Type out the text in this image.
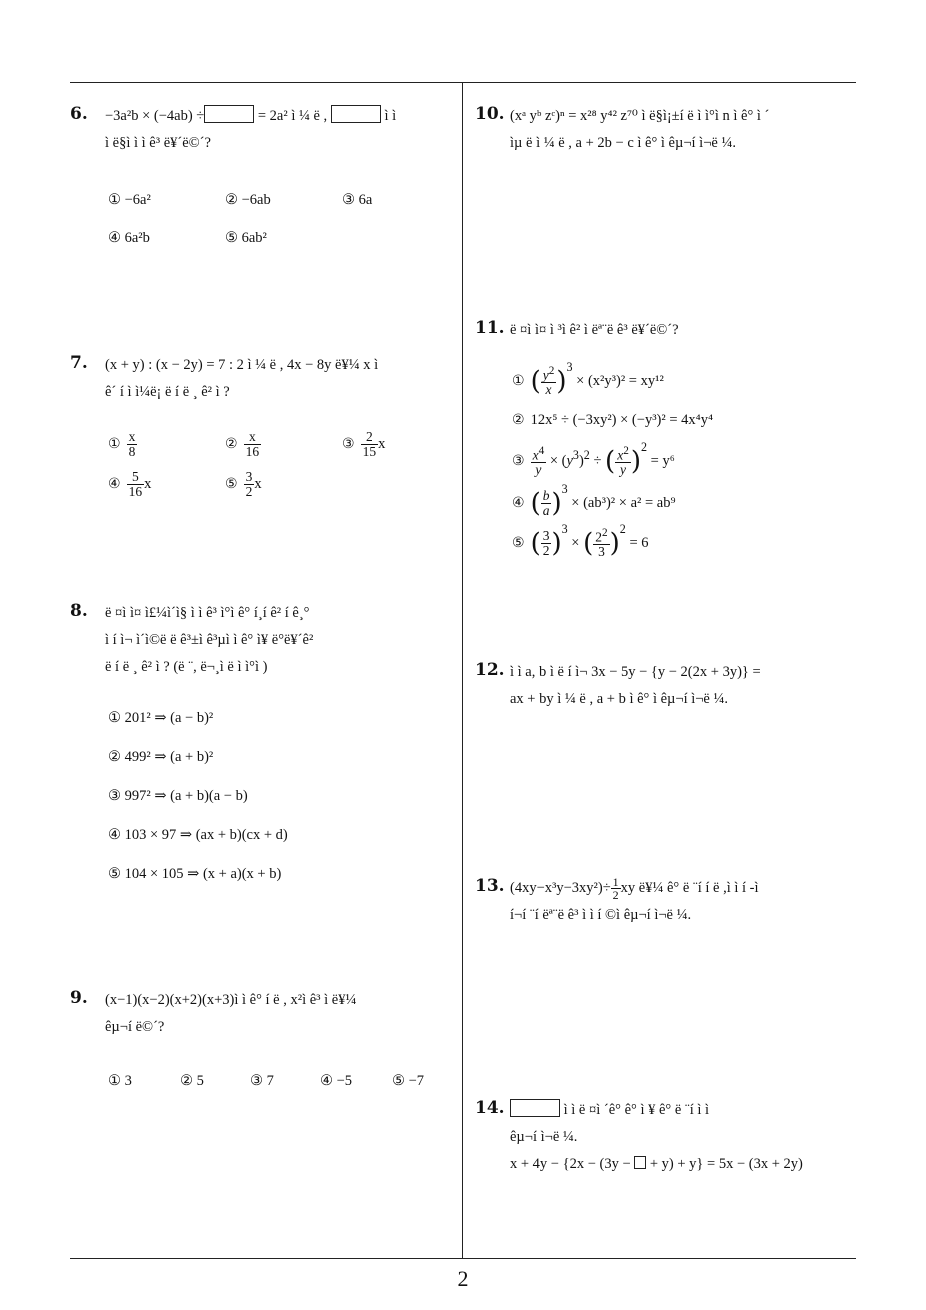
6. −3a²b × (−4ab) ÷	= 2a² ì ¼ ë ,	ì ì
ì ë§ì ì ì ê³ ë¥´ë©´?
① −6a²	② −6ab	③ 6a
④ 6a²b	⑤ 6ab²
7. (x + y) : (x − 2y) = 7 : 2 ì ¼ ë , 4x − 8y ë¥¼ x ì
ê´ í ì ì¼ë¡ ë í ë ¸ ê² ì ?
① $\frac{x}{8}$	② $\frac{x}{16}$	③ $\frac{2}{15}$ x
④ $\frac{5}{16}$ x	⑤ $\frac{3}{2}$ x
8. ë ¤ì ì¤ ì£¼ì´ì§ ì ì ê³ ì°ì ê° í¸í ê² í ê¸°
ì í ì¬ ì´ì©ë ë ê³±ì ê³µì ì ê° ì¥ ë°ë¥´ê²
ë í ë ¸ ê² ì ? (ë ¨, ë¬¸ì ë ì ì°ì )
① 201² ⇒ (a − b)²
② 499² ⇒ (a + b)²
③ 997² ⇒ (a + b)(a − b)
④ 103 × 97 ⇒ (ax + b)(cx + d)
⑤ 104 × 105 ⇒ (x + a)(x + b)
9. (x−1)(x−2)(x+2)(x+3)ì ì ê° í ë , x²ì ê³ ì ë¥¼
êµ¬í ë©´?
① 3	② 5	③ 7	④ −5	⑤ −7
10. (xᵃ yᵇ zᶜ)ⁿ = x²⁸ y⁴² z⁷⁰ ì ë§ì¡±í ë ì ì°ì n ì ê° ì ´
ìµ ë ì ¼ ë , a + 2b − c ì ê° ì êµ¬í ì¬ë ¼.
11. ë ¤ì ì¤ ì ³ì ê² ì ëª¨ë ê³ ë¥´ë©´?
① ( $\frac{y^2}{x} )^3 \times (x^2y^3)^2 = xy^{12}$
② 12x⁵ ÷ (−3xy²) × (−y³)² = 4x⁴y⁴
③ $\frac{x^4}{y} \times (y^3)^2$ ÷ ( $\frac{x^2}{y} )^2 = y^6$
④ ( $\frac{b}{a} )^3 \times (ab^3)^2 \times a^2 = ab^9$
⑤ ( $\frac{3}{2} )^3$ × ( $\frac{2^2}{3} )^2 = 6$
12. ì ì a, b ì ë í ì¬ 3x − 5y − {y − 2(2x + 3y)} =
ax + by ì ¼ ë , a + b ì ê° ì êµ¬í ì¬ë ¼.
13. $(4xy-x^3y-3xy^2)\div \frac{1}{2}$ xy ë¥¼ ê° ë ¨í í ë ,ì ì í -ì
í¬í ¨í ëª¨ë ê³ ì ì í ©ì êµ¬í ì¬ë ¼.
14.	ì ì ë ¤ì ´ê° ê° ì ¥ ê° ë ¨í ì ì
êµ¬í ì¬ë ¼.
x + 4y − {2x − (3y − + y) + y} = 5x − (3x + 2y)
2
